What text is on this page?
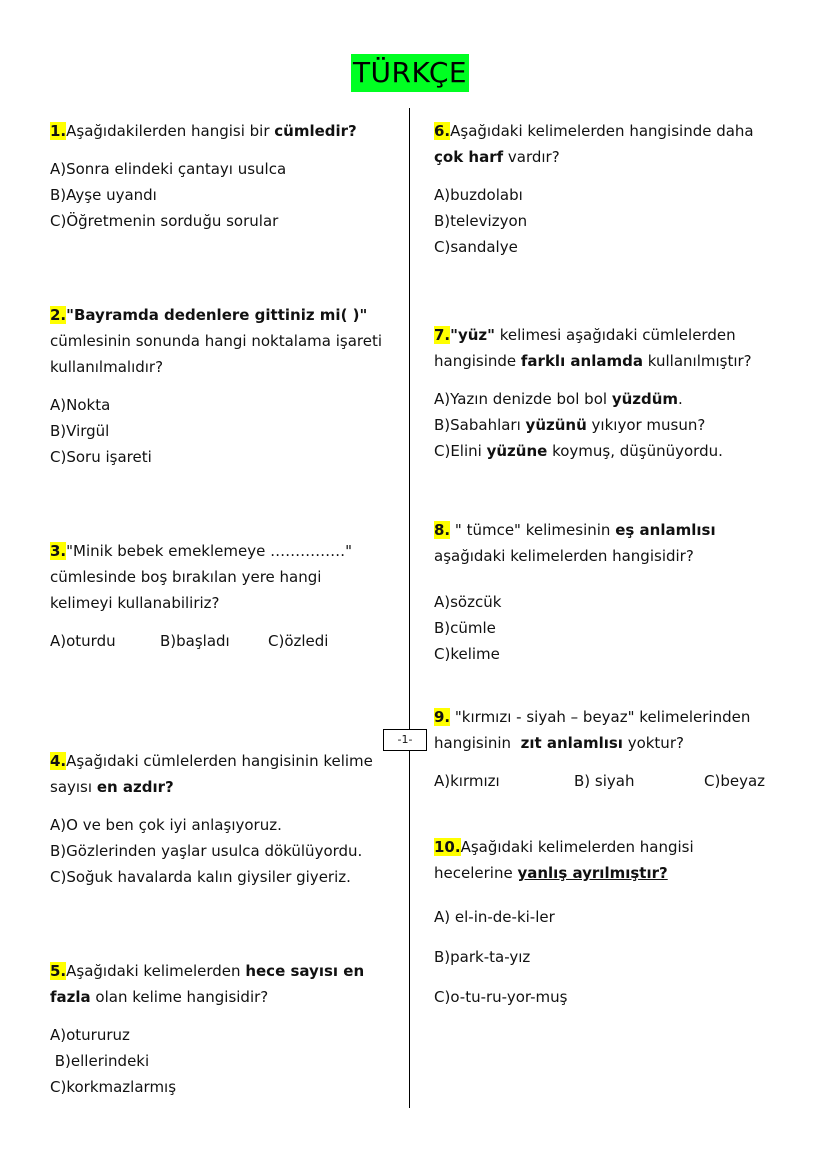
TÜRKÇE
-1-

1.Aşağıdakilerden hangisi bir cümledir?

A)Sonra elindeki çantayı usulca
B)Ayşe uyandı
C)Öğretmenin sorduğu sorular

2."Bayramda dedenlere gittiniz mi( )"

cümlesinin sonunda hangi noktalama işareti

kullanılmalıdır?

A)Nokta
B)Virgül
C)Soru işareti

3."Minik bebek emeklemeye ……………"

cümlesinde boş bırakılan yere hangi

kelimeyi kullanabiliriz?

A)oturdu	B)başladı	C)özledi

4.Aşağıdaki cümlelerden hangisinin kelime

sayısı en azdır?

A)O ve ben çok iyi anlaşıyoruz.
B)Gözlerinden yaşlar usulca dökülüyordu.
C)Soğuk havalarda kalın giysiler giyeriz.

5.Aşağıdaki kelimelerden hece sayısı en

fazla olan kelime hangisidir?

A)otururuz
B)ellerindeki
C)korkmazlarmış

6.Aşağıdaki kelimelerden hangisinde daha

çok harf vardır?

A)buzdolabı
B)televizyon
C)sandalye

7."yüz" kelimesi aşağıdaki cümlelerden

hangisinde farklı anlamda kullanılmıştır?

A)Yazın denizde bol bol yüzdüm.
B)Sabahları yüzünü yıkıyor musun?
C)Elini yüzüne koymuş, düşünüyordu.

8. " tümce" kelimesinin eş anlamlısı

aşağıdaki kelimelerden hangisidir?

A)sözcük
B)cümle
C)kelime

9. "kırmızı - siyah – beyaz" kelimelerinden

hangisinin  zıt anlamlısı yoktur?

A)kırmızı	B) siyah	C)beyaz

10.Aşağıdaki kelimelerden hangisi

hecelerine yanlış ayrılmıştır?

A) el-in-de-ki-ler
B)park-ta-yız
C)o-tu-ru-yor-muş
